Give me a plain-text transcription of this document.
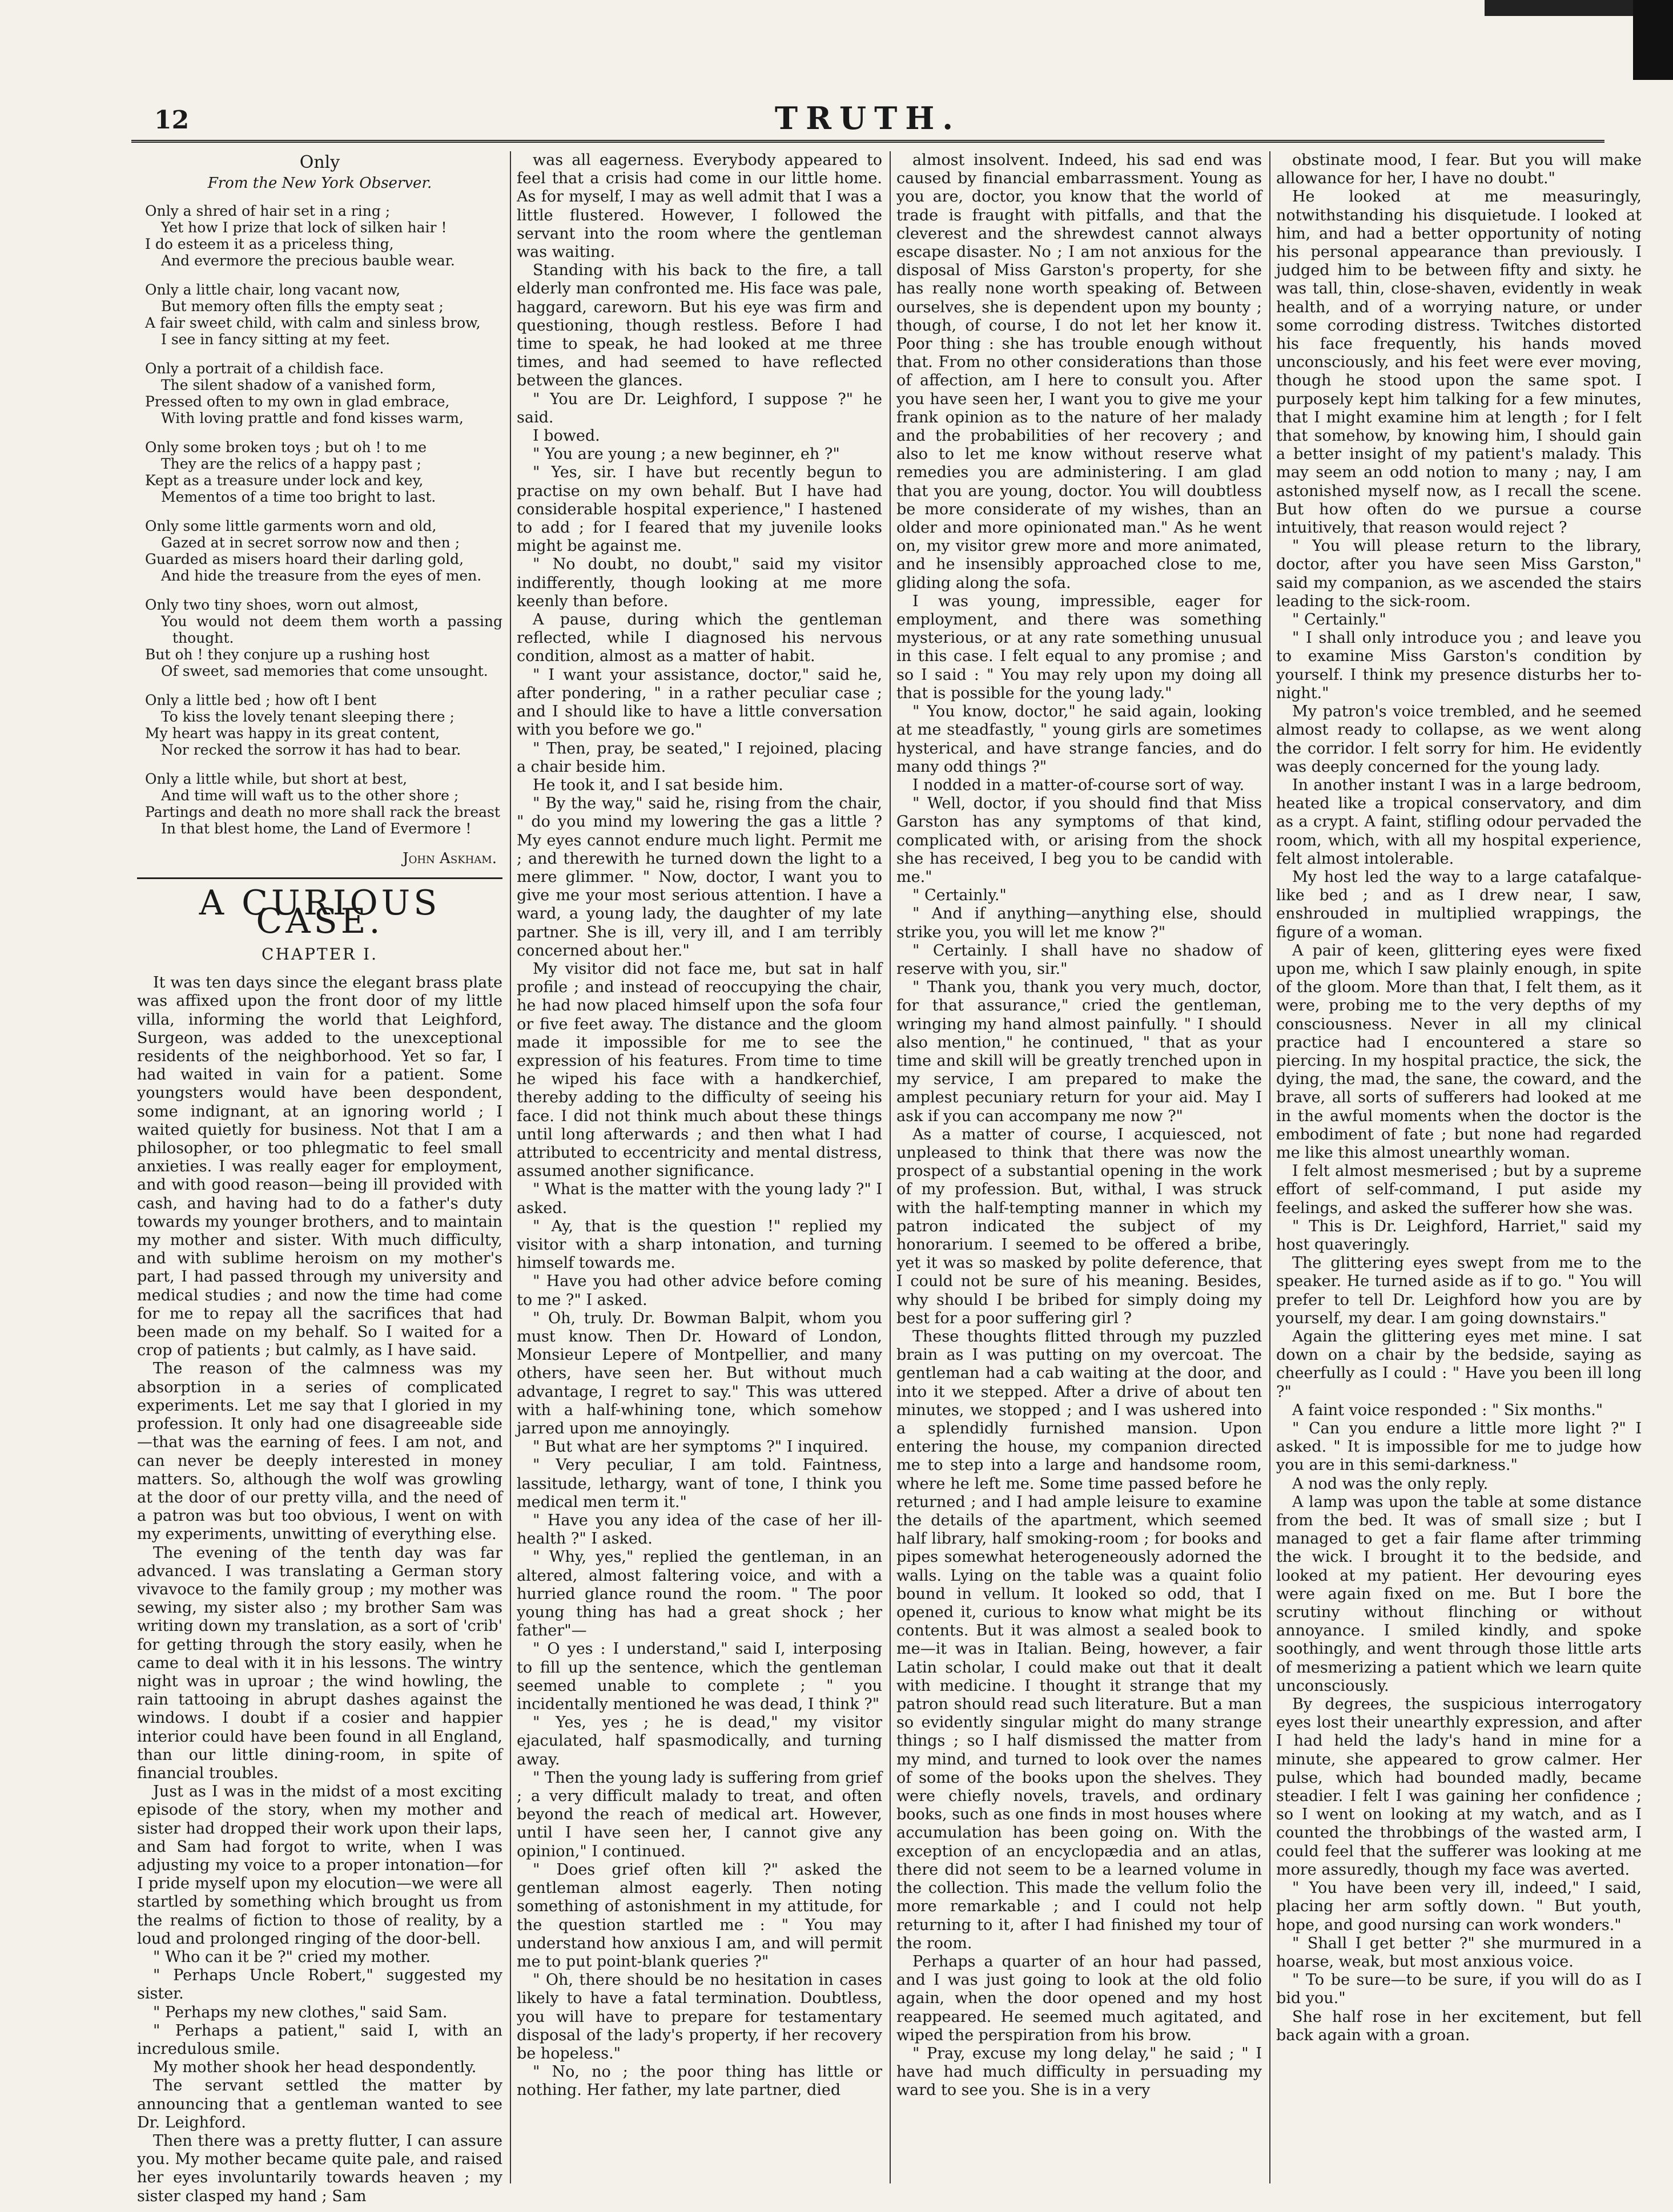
TRUTH.
12
Only
From the New York Observer.
Only a shred of hair set in a ring ;
Yet how I prize that lock of silken hair !
I do esteem it as a priceless thing,
And evermore the precious bauble wear.
Only a little chair, long vacant now,
But memory often fills the empty seat ;
A fair sweet child, with calm and sinless brow,
I see in fancy sitting at my feet.
Only a portrait of a childish face.
The silent shadow of a vanished form,
Pressed often to my own in glad embrace,
With loving prattle and fond kisses warm,
Only some broken toys ; but oh ! to me
They are the relics of a happy past ;
Kept as a treasure under lock and key,
Mementos of a time too bright to last.
Only some little garments worn and old,
Gazed at in secret sorrow now and then ;
Guarded as misers hoard their darling gold,
And hide the treasure from the eyes of men.
Only two tiny shoes, worn out almost,
You would not deem them worth a passing thought.
But oh ! they conjure up a rushing host
Of sweet, sad memories that come unsought.
Only a little bed ; how oft I bent
To kiss the lovely tenant sleeping there ;
My heart was happy in its great content,
Nor recked the sorrow it has had to bear.
Only a little while, but short at best,
And time will waft us to the other shore ;
Partings and death no more shall rack the breast
In that blest home, the Land of Evermore !
John Askham.
A CURIOUS CASE.
CHAPTER I.

It was ten days since the elegant brass plate was affixed upon the front door of my little villa, informing the world that Leighford, Surgeon, was added to the unexceptional residents of the neighborhood. Yet so far, I had waited in vain for a patient. Some youngsters would have been despondent, some indignant, at an ignoring world ; I waited quietly for business. Not that I am a philosopher, or too phlegmatic to feel small anxieties. I was really eager for employment, and with good reason—being ill provided with cash, and having had to do a father's duty towards my younger brothers, and to maintain my mother and sister. With much difficulty, and with sublime heroism on my mother's part, I had passed through my university and medical studies ; and now the time had come for me to repay all the sacrifices that had been made on my behalf. So I waited for a crop of patients ; but calmly, as I have said.

The reason of the calmness was my absorption in a series of complicated experiments. Let me say that I gloried in my profession. It only had one disagreeable side—that was the earning of fees. I am not, and can never be deeply interested in money matters. So, although the wolf was growling at the door of our pretty villa, and the need of a patron was but too obvious, I went on with my experiments, unwitting of everything else.

The evening of the tenth day was far advanced. I was translating a German story vivavoce to the family group ; my mother was sewing, my sister also ; my brother Sam was writing down my translation, as a sort of 'crib' for getting through the story easily, when he came to deal with it in his lessons. The wintry night was in uproar ; the wind howling, the rain tattooing in abrupt dashes against the windows. I doubt if a cosier and happier interior could have been found in all England, than our little dining-room, in spite of financial troubles.

Just as I was in the midst of a most exciting episode of the story, when my mother and sister had dropped their work upon their laps, and Sam had forgot to write, when I was adjusting my voice to a proper intonation—for I pride myself upon my elocution—we were all startled by something which brought us from the realms of fiction to those of reality, by a loud and prolonged ringing of the door-bell.

" Who can it be ?" cried my mother.

" Perhaps Uncle Robert," suggested my sister.

" Perhaps my new clothes," said Sam.

" Perhaps a patient," said I, with an incredulous smile.

My mother shook her head despondently.

The servant settled the matter by announcing that a gentleman wanted to see Dr. Leighford.

Then there was a pretty flutter, I can assure you. My mother became quite pale, and raised her eyes involuntarily towards heaven ; my sister clasped my hand ; Sam

was all eagerness. Everybody appeared to feel that a crisis had come in our little home. As for myself, I may as well admit that I was a little flustered. However, I followed the servant into the room where the gentleman was waiting.

Standing with his back to the fire, a tall elderly man confronted me. His face was pale, haggard, careworn. But his eye was firm and questioning, though restless. Before I had time to speak, he had looked at me three times, and had seemed to have reflected between the glances.

" You are Dr. Leighford, I suppose ?" he said.

I bowed.

" You are young ; a new beginner, eh ?"

" Yes, sir. I have but recently begun to practise on my own behalf. But I have had considerable hospital experience," I hastened to add ; for I feared that my juvenile looks might be against me.

" No doubt, no doubt," said my visitor indifferently, though looking at me more keenly than before.

A pause, during which the gentleman reflected, while I diagnosed his nervous condition, almost as a matter of habit.

" I want your assistance, doctor," said he, after pondering, " in a rather peculiar case ; and I should like to have a little conversation with you before we go."

" Then, pray, be seated," I rejoined, placing a chair beside him.

He took it, and I sat beside him.

" By the way," said he, rising from the chair, " do you mind my lowering the gas a little ? My eyes cannot endure much light. Permit me ; and therewith he turned down the light to a mere glimmer. " Now, doctor, I want you to give me your most serious attention. I have a ward, a young lady, the daughter of my late partner. She is ill, very ill, and I am terribly concerned about her."

My visitor did not face me, but sat in half profile ; and instead of reoccupying the chair, he had now placed himself upon the sofa four or five feet away. The distance and the gloom made it impossible for me to see the expression of his features. From time to time he wiped his face with a handkerchief, thereby adding to the difficulty of seeing his face. I did not think much about these things until long afterwards ; and then what I had attributed to eccentricity and mental distress, assumed another significance.

" What is the matter with the young lady ?" I asked.

" Ay, that is the question !" replied my visitor with a sharp intonation, and turning himself towards me.

" Have you had other advice before coming to me ?" I asked.

" Oh, truly. Dr. Bowman Balpit, whom you must know. Then Dr. Howard of London, Monsieur Lepere of Montpellier, and many others, have seen her. But without much advantage, I regret to say." This was uttered with a half-whining tone, which somehow jarred upon me annoyingly.

" But what are her symptoms ?" I inquired.

" Very peculiar, I am told. Faintness, lassitude, lethargy, want of tone, I think you medical men term it."

" Have you any idea of the case of her ill-health ?" I asked.

" Why, yes," replied the gentleman, in an altered, almost faltering voice, and with a hurried glance round the room. " The poor young thing has had a great shock ; her father"—

" O yes : I understand," said I, interposing to fill up the sentence, which the gentleman seemed unable to complete ; " you incidentally mentioned he was dead, I think ?"

" Yes, yes ; he is dead," my visitor ejaculated, half spasmodically, and turning away.

" Then the young lady is suffering from grief ; a very difficult malady to treat, and often beyond the reach of medical art. However, until I have seen her, I cannot give any opinion," I continued.

" Does grief often kill ?" asked the gentleman almost eagerly. Then noting something of astonishment in my attitude, for the question startled me : " You may understand how anxious I am, and will permit me to put point-blank queries ?"

" Oh, there should be no hesitation in cases likely to have a fatal termination. Doubtless, you will have to prepare for testamentary disposal of the lady's property, if her recovery be hopeless."

" No, no ; the poor thing has little or nothing. Her father, my late partner, died

almost insolvent. Indeed, his sad end was caused by financial embarrassment. Young as you are, doctor, you know that the world of trade is fraught with pitfalls, and that the cleverest and the shrewdest cannot always escape disaster. No ; I am not anxious for the disposal of Miss Garston's property, for she has really none worth speaking of. Between ourselves, she is dependent upon my bounty ; though, of course, I do not let her know it. Poor thing : she has trouble enough without that. From no other considerations than those of affection, am I here to consult you. After you have seen her, I want you to give me your frank opinion as to the nature of her malady and the probabilities of her recovery ; and also to let me know without reserve what remedies you are administering. I am glad that you are young, doctor. You will doubtless be more considerate of my wishes, than an older and more opinionated man." As he went on, my visitor grew more and more animated, and he insensibly approached close to me, gliding along the sofa.

I was young, impressible, eager for employment, and there was something mysterious, or at any rate something unusual in this case. I felt equal to any promise ; and so I said : " You may rely upon my doing all that is possible for the young lady."

" You know, doctor," he said again, looking at me steadfastly, " young girls are sometimes hysterical, and have strange fancies, and do many odd things ?"

I nodded in a matter-of-course sort of way.

" Well, doctor, if you should find that Miss Garston has any symptoms of that kind, complicated with, or arising from the shock she has received, I beg you to be candid with me."

" Certainly."

" And if anything—anything else, should strike you, you will let me know ?"

" Certainly. I shall have no shadow of reserve with you, sir."

" Thank you, thank you very much, doctor, for that assurance," cried the gentleman, wringing my hand almost painfully. " I should also mention," he continued, " that as your time and skill will be greatly trenched upon in my service, I am prepared to make the amplest pecuniary return for your aid. May I ask if you can accompany me now ?"

As a matter of course, I acquiesced, not unpleased to think that there was now the prospect of a substantial opening in the work of my profession. But, withal, I was struck with the half-tempting manner in which my patron indicated the subject of my honorarium. I seemed to be offered a bribe, yet it was so masked by polite deference, that I could not be sure of his meaning. Besides, why should I be bribed for simply doing my best for a poor suffering girl ?

These thoughts flitted through my puzzled brain as I was putting on my overcoat. The gentleman had a cab waiting at the door, and into it we stepped. After a drive of about ten minutes, we stopped ; and I was ushered into a splendidly furnished mansion. Upon entering the house, my companion directed me to step into a large and handsome room, where he left me. Some time passed before he returned ; and I had ample leisure to examine the details of the apartment, which seemed half library, half smoking-room ; for books and pipes somewhat heterogeneously adorned the walls. Lying on the table was a quaint folio bound in vellum. It looked so odd, that I opened it, curious to know what might be its contents. But it was almost a sealed book to me—it was in Italian. Being, however, a fair Latin scholar, I could make out that it dealt with medicine. I thought it strange that my patron should read such literature. But a man so evidently singular might do many strange things ; so I half dismissed the matter from my mind, and turned to look over the names of some of the books upon the shelves. They were chiefly novels, travels, and ordinary books, such as one finds in most houses where accumulation has been going on. With the exception of an encyclopædia and an atlas, there did not seem to be a learned volume in the collection. This made the vellum folio the more remarkable ; and I could not help returning to it, after I had finished my tour of the room.

Perhaps a quarter of an hour had passed, and I was just going to look at the old folio again, when the door opened and my host reappeared. He seemed much agitated, and wiped the perspiration from his brow.

" Pray, excuse my long delay," he said ; " I have had much difficulty in persuading my ward to see you. She is in a very

obstinate mood, I fear. But you will make allowance for her, I have no doubt."

He looked at me measuringly, notwithstanding his disquietude. I looked at him, and had a better opportunity of noting his personal appearance than previously. I judged him to be between fifty and sixty. he was tall, thin, close-shaven, evidently in weak health, and of a worrying nature, or under some corroding distress. Twitches distorted his face frequently, his hands moved unconsciously, and his feet were ever moving, though he stood upon the same spot. I purposely kept him talking for a few minutes, that I might examine him at length ; for I felt that somehow, by knowing him, I should gain a better insight of my patient's malady. This may seem an odd notion to many ; nay, I am astonished myself now, as I recall the scene. But how often do we pursue a course intuitively, that reason would reject ?

" You will please return to the library, doctor, after you have seen Miss Garston," said my companion, as we ascended the stairs leading to the sick-room.

" Certainly."

" I shall only introduce you ; and leave you to examine Miss Garston's condition by yourself. I think my presence disturbs her to-night."

My patron's voice trembled, and he seemed almost ready to collapse, as we went along the corridor. I felt sorry for him. He evidently was deeply concerned for the young lady.

In another instant I was in a large bedroom, heated like a tropical conservatory, and dim as a crypt. A faint, stifling odour pervaded the room, which, with all my hospital experience, felt almost intolerable.

My host led the way to a large catafalque-like bed ; and as I drew near, I saw, enshrouded in multiplied wrappings, the figure of a woman.

A pair of keen, glittering eyes were fixed upon me, which I saw plainly enough, in spite of the gloom. More than that, I felt them, as it were, probing me to the very depths of my consciousness. Never in all my clinical practice had I encountered a stare so piercing. In my hospital practice, the sick, the dying, the mad, the sane, the coward, and the brave, all sorts of sufferers had looked at me in the awful moments when the doctor is the embodiment of fate ; but none had regarded me like this almost unearthly woman.

I felt almost mesmerised ; but by a supreme effort of self-command, I put aside my feelings, and asked the sufferer how she was.

" This is Dr. Leighford, Harriet," said my host quaveringly.

The glittering eyes swept from me to the speaker. He turned aside as if to go. " You will prefer to tell Dr. Leighford how you are by yourself, my dear. I am going downstairs."

Again the glittering eyes met mine. I sat down on a chair by the bedside, saying as cheerfully as I could : " Have you been ill long ?"

A faint voice responded : " Six months."

" Can you endure a little more light ?" I asked. " It is impossible for me to judge how you are in this semi-darkness."

A nod was the only reply.

A lamp was upon the table at some distance from the bed. It was of small size ; but I managed to get a fair flame after trimming the wick. I brought it to the bedside, and looked at my patient. Her devouring eyes were again fixed on me. But I bore the scrutiny without flinching or without annoyance. I smiled kindly, and spoke soothingly, and went through those little arts of mesmerizing a patient which we learn quite unconsciously.

By degrees, the suspicious interrogatory eyes lost their unearthly expression, and after I had held the lady's hand in mine for a minute, she appeared to grow calmer. Her pulse, which had bounded madly, became steadier. I felt I was gaining her confidence ; so I went on looking at my watch, and as I counted the throbbings of the wasted arm, I could feel that the sufferer was looking at me more assuredly, though my face was averted.

" You have been very ill, indeed," I said, placing her arm softly down. " But youth, hope, and good nursing can work wonders."

" Shall I get better ?" she murmured in a hoarse, weak, but most anxious voice.

" To be sure—to be sure, if you will do as I bid you."

She half rose in her excitement, but fell back again with a groan.
